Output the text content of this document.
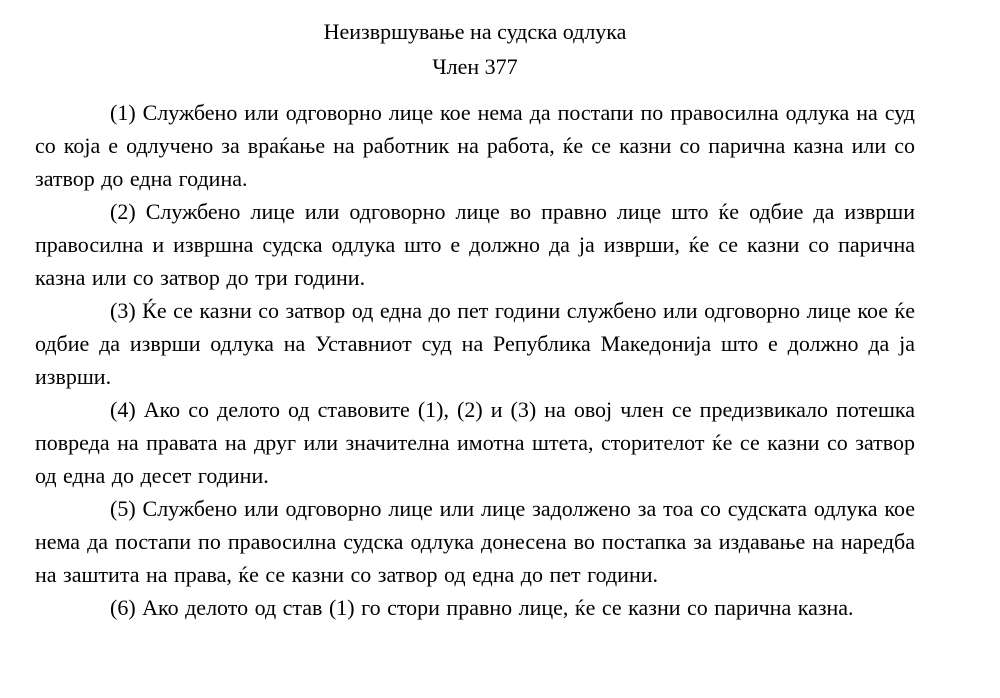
Неизвршување на судска одлука
Член 377

(1) Службено или одговорно лице кое нема да постапи по правосилна одлука на суд со која е одлучено за враќање на работник на работа, ќе се казни со парична казна или со затвор до една година.

(2) Службено лице или одговорно лице во правно лице што ќе одбие да изврши правосилна и извршна судска одлука што е должно да ја изврши, ќе се казни со парична казна или со затвор до три години.

(3) Ќе се казни со затвор од една до пет години службено или одговорно лице кое ќе одбие да изврши одлука на Уставниот суд на Република Македонија што е должно да ја изврши.

(4) Ако со делото од ставовите (1), (2) и (3) на овој член се предизвикало потешка повреда на правата на друг или значителна имотна штета, сторителот ќе се казни со затвор од една до десет години.

(5) Службено или одговорно лице или лице задолжено за тоа со судската одлука кое нема да постапи по правосилна судска одлука донесена во постапка за издавање на наредба на заштита на права, ќе се казни со затвор од една до пет години.

(6) Ако делото од став (1) го стори правно лице, ќе се казни со парична казна.
